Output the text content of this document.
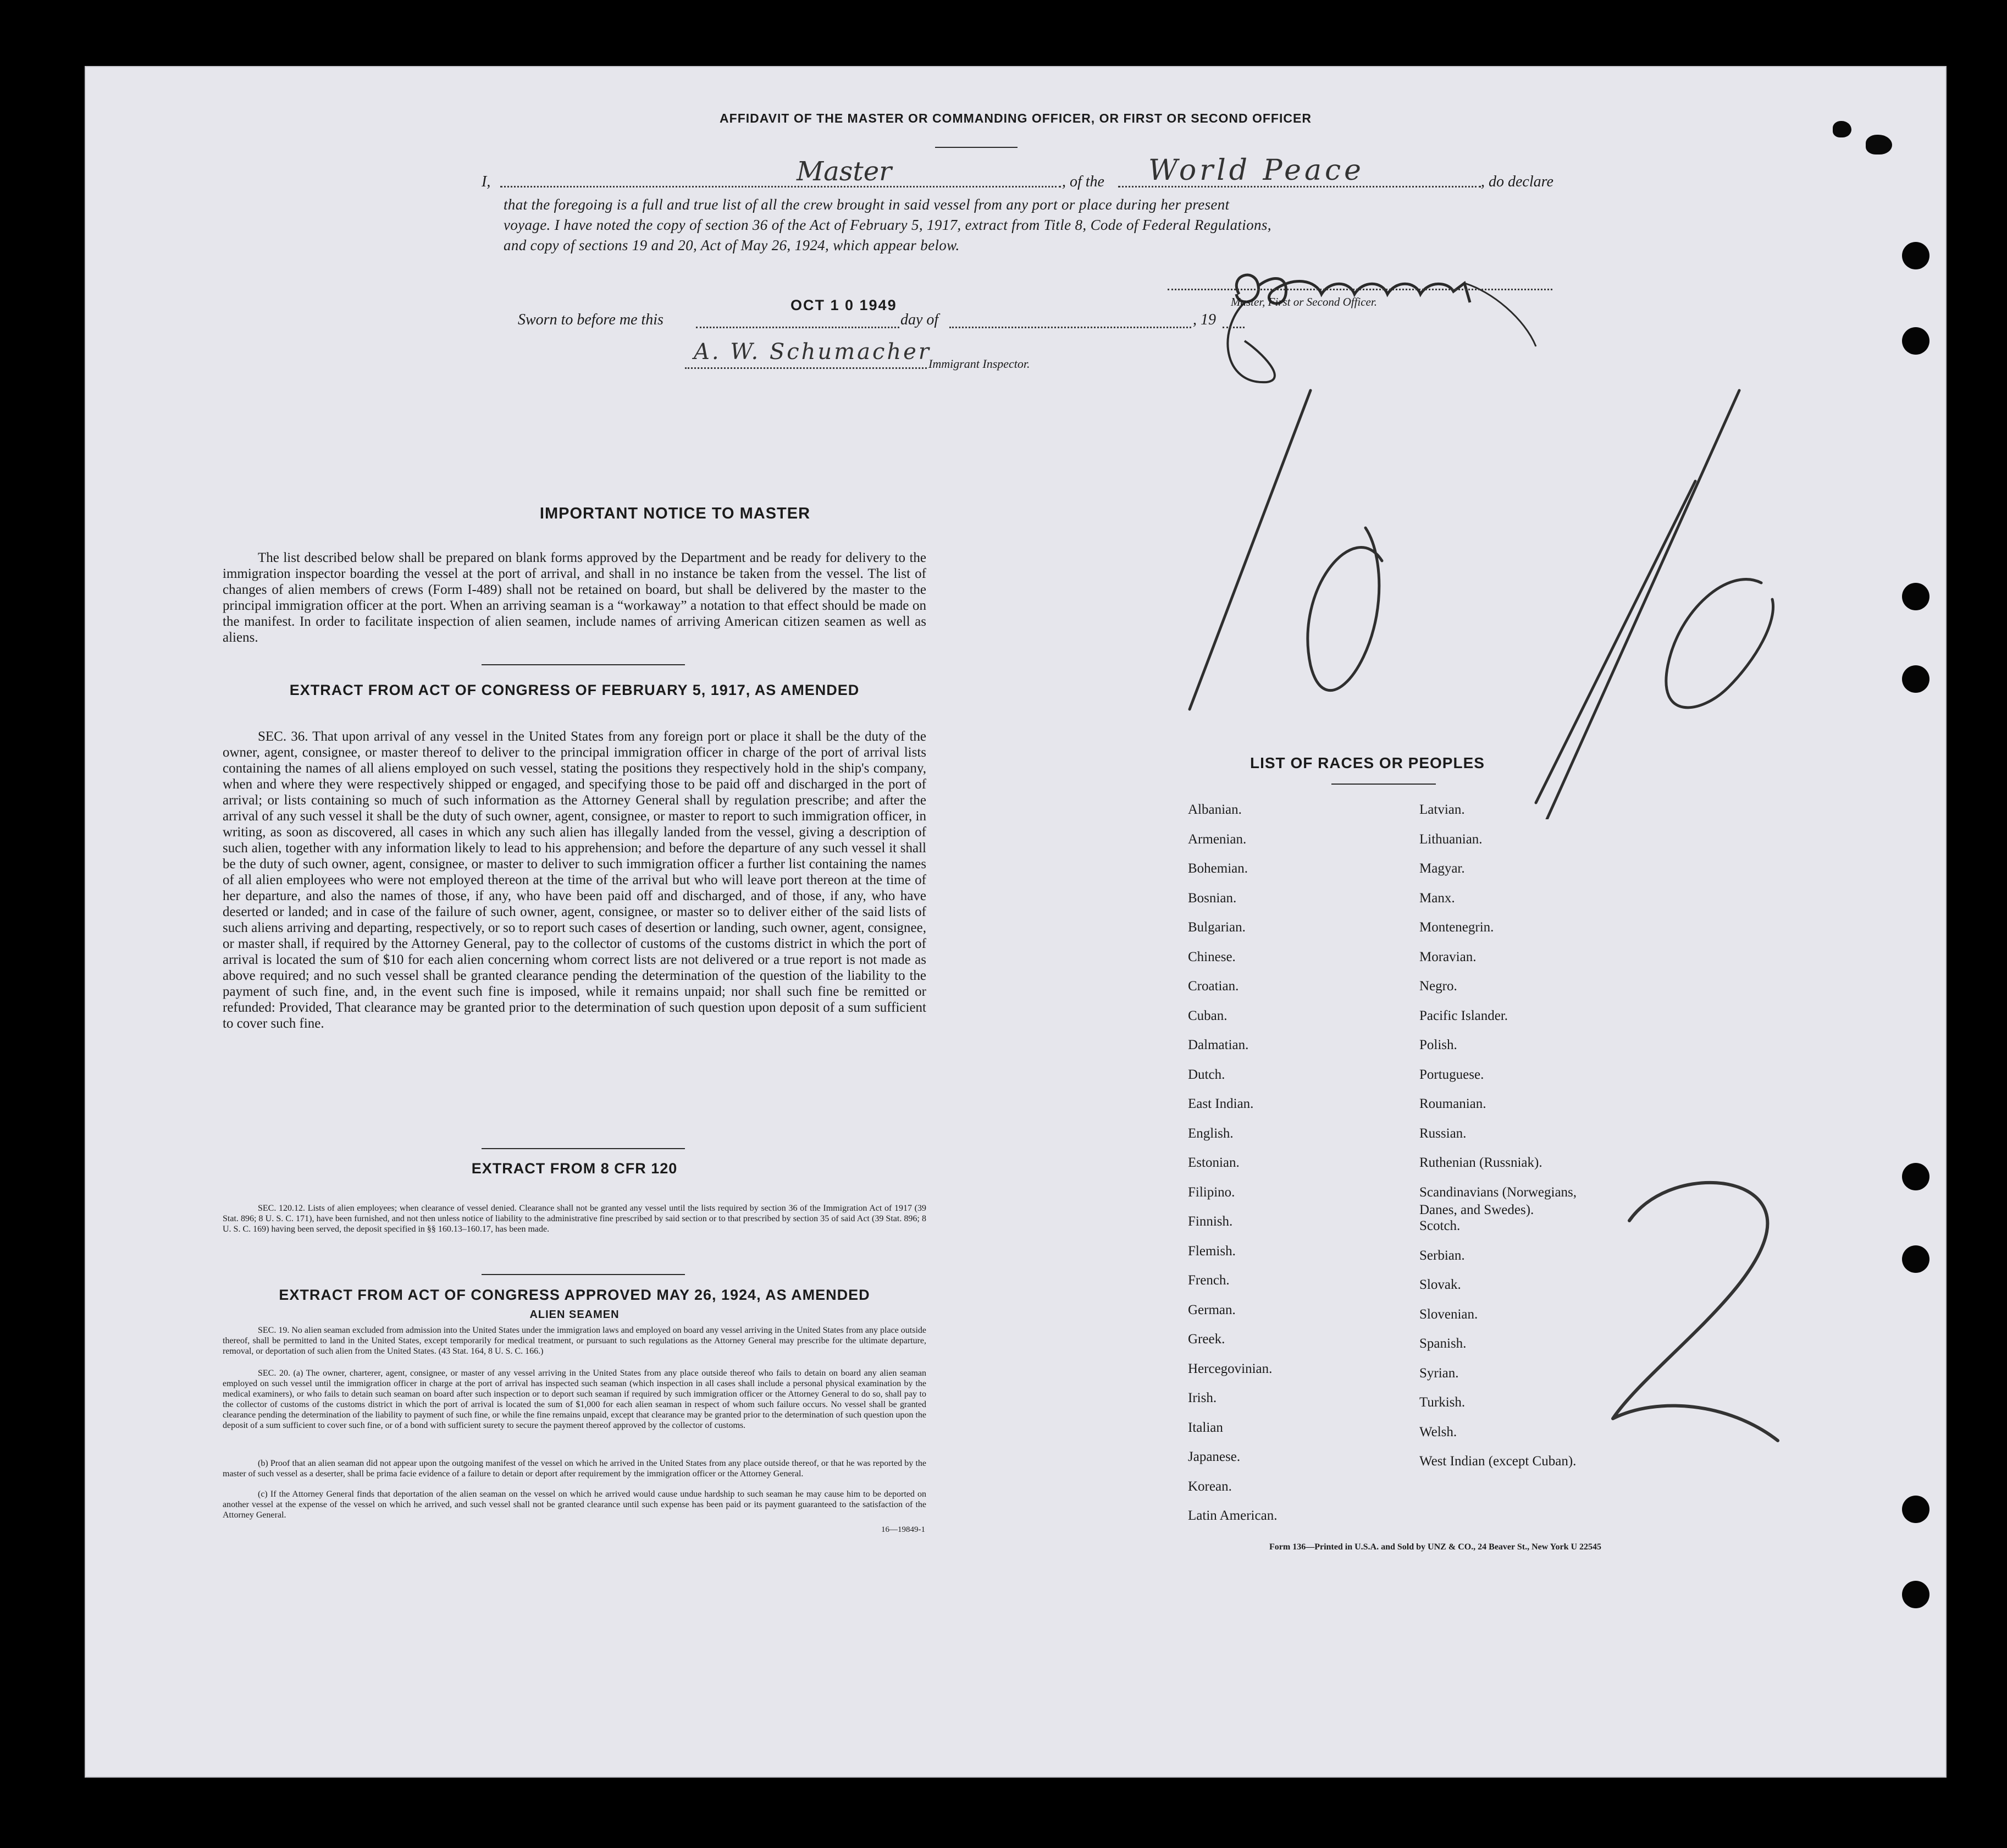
AFFIDAVIT OF THE MASTER OR COMMANDING OFFICER, OR FIRST OR SECOND OFFICER
I,	Master	, of the World Peace	, do declare
that the foregoing is a full and true list of all the crew brought in said vessel from any port or place during her present
voyage. I have noted the copy of section 36 of the Act of February 5, 1917, extract from Title 8, Code of Federal Regulations,
and copy of sections 19 and 20, Act of May 26, 1924, which appear below.
Master, First or Second Officer.
Sworn to before me this
OCT 1 0 1949
day of	, 19
A. W. Schumacher
Immigrant Inspector.
IMPORTANT NOTICE TO MASTER
The list described below shall be prepared on blank forms approved by the Department and be ready for delivery to the immigration inspector boarding the vessel at the port of arrival, and shall in no instance be taken from the vessel. The list of changes of alien members of crews (Form I-489) shall not be retained on board, but shall be delivered by the master to the principal immigration officer at the port. When an arriving seaman is a “workaway” a notation to that effect should be made on the manifest. In order to facilitate inspection of alien seamen, include names of arriving American citizen seamen as well as aliens.
EXTRACT FROM ACT OF CONGRESS OF FEBRUARY 5, 1917, AS AMENDED
SEC. 36. That upon arrival of any vessel in the United States from any foreign port or place it shall be the duty of the owner, agent, consignee, or master thereof to deliver to the principal immigration officer in charge of the port of arrival lists containing the names of all aliens employed on such vessel, stating the positions they respectively hold in the ship's company, when and where they were respectively shipped or engaged, and specifying those to be paid off and discharged in the port of arrival; or lists containing so much of such information as the Attorney General shall by regulation prescribe; and after the arrival of any such vessel it shall be the duty of such owner, agent, consignee, or master to report to such immigration officer, in writing, as soon as discovered, all cases in which any such alien has illegally landed from the vessel, giving a description of such alien, together with any information likely to lead to his apprehension; and before the departure of any such vessel it shall be the duty of such owner, agent, consignee, or master to deliver to such immigration officer a further list containing the names of all alien employees who were not employed thereon at the time of the arrival but who will leave port thereon at the time of her departure, and also the names of those, if any, who have been paid off and discharged, and of those, if any, who have deserted or landed; and in case of the failure of such owner, agent, consignee, or master so to deliver either of the said lists of such aliens arriving and departing, respectively, or so to report such cases of desertion or landing, such owner, agent, consignee, or master shall, if required by the Attorney General, pay to the collector of customs of the customs district in which the port of arrival is located the sum of $10 for each alien concerning whom correct lists are not delivered or a true report is not made as above required; and no such vessel shall be granted clearance pending the determination of the question of the liability to the payment of such fine, and, in the event such fine is imposed, while it remains unpaid; nor shall such fine be remitted or refunded: Provided, That clearance may be granted prior to the determination of such question upon deposit of a sum sufficient to cover such fine.
EXTRACT FROM 8 CFR 120
SEC. 120.12. Lists of alien employees; when clearance of vessel denied. Clearance shall not be granted any vessel until the lists required by section 36 of the Immigration Act of 1917 (39 Stat. 896; 8 U. S. C. 171), have been furnished, and not then unless notice of liability to the administrative fine prescribed by said section or to that prescribed by section 35 of said Act (39 Stat. 896; 8 U. S. C. 169) having been served, the deposit specified in §§ 160.13–160.17, has been made.
EXTRACT FROM ACT OF CONGRESS APPROVED MAY 26, 1924, AS AMENDED
ALIEN SEAMEN
SEC. 19. No alien seaman excluded from admission into the United States under the immigration laws and employed on board any vessel arriving in the United States from any place outside thereof, shall be permitted to land in the United States, except temporarily for medical treatment, or pursuant to such regulations as the Attorney General may prescribe for the ultimate departure, removal, or deportation of such alien from the United States. (43 Stat. 164, 8 U. S. C. 166.)
SEC. 20. (a) The owner, charterer, agent, consignee, or master of any vessel arriving in the United States from any place outside thereof who fails to detain on board any alien seaman employed on such vessel until the immigration officer in charge at the port of arrival has inspected such seaman (which inspection in all cases shall include a personal physical examination by the medical examiners), or who fails to detain such seaman on board after such inspection or to deport such seaman if required by such immigration officer or the Attorney General to do so, shall pay to the collector of customs of the customs district in which the port of arrival is located the sum of $1,000 for each alien seaman in respect of whom such failure occurs. No vessel shall be granted clearance pending the determination of the liability to payment of such fine, or while the fine remains unpaid, except that clearance may be granted prior to the determination of such question upon the deposit of a sum sufficient to cover such fine, or of a bond with sufficient surety to secure the payment thereof approved by the collector of customs.
(b) Proof that an alien seaman did not appear upon the outgoing manifest of the vessel on which he arrived in the United States from any place outside thereof, or that he was reported by the master of such vessel as a deserter, shall be prima facie evidence of a failure to detain or deport after requirement by the immigration officer or the Attorney General.
(c) If the Attorney General finds that deportation of the alien seaman on the vessel on which he arrived would cause undue hardship to such seaman he may cause him to be deported on another vessel at the expense of the vessel on which he arrived, and such vessel shall not be granted clearance until such expense has been paid or its payment guaranteed to the satisfaction of the Attorney General.
16—19849-1
LIST OF RACES OR PEOPLES
Albanian.
Armenian.
Bohemian.
Bosnian.
Bulgarian.
Chinese.
Croatian.
Cuban.
Dalmatian.
Dutch.
East Indian.
English.
Estonian.
Filipino.
Finnish.
Flemish.
French.
German.
Greek.
Hercegovinian.
Irish.
Italian
Japanese.
Korean.
Latin American.
Latvian.
Lithuanian.
Magyar.
Manx.
Montenegrin.
Moravian.
Negro.
Pacific Islander.
Polish.
Portuguese.
Roumanian.
Russian.
Ruthenian (Russniak).
Scandinavians (Norwegians,
Danes, and Swedes).
Scotch.
Serbian.
Slovak.
Slovenian.
Spanish.
Syrian.
Turkish.
Welsh.
West Indian (except Cuban).
Form 136—Printed in U.S.A. and Sold by UNZ & CO., 24 Beaver St., New York U 22545
